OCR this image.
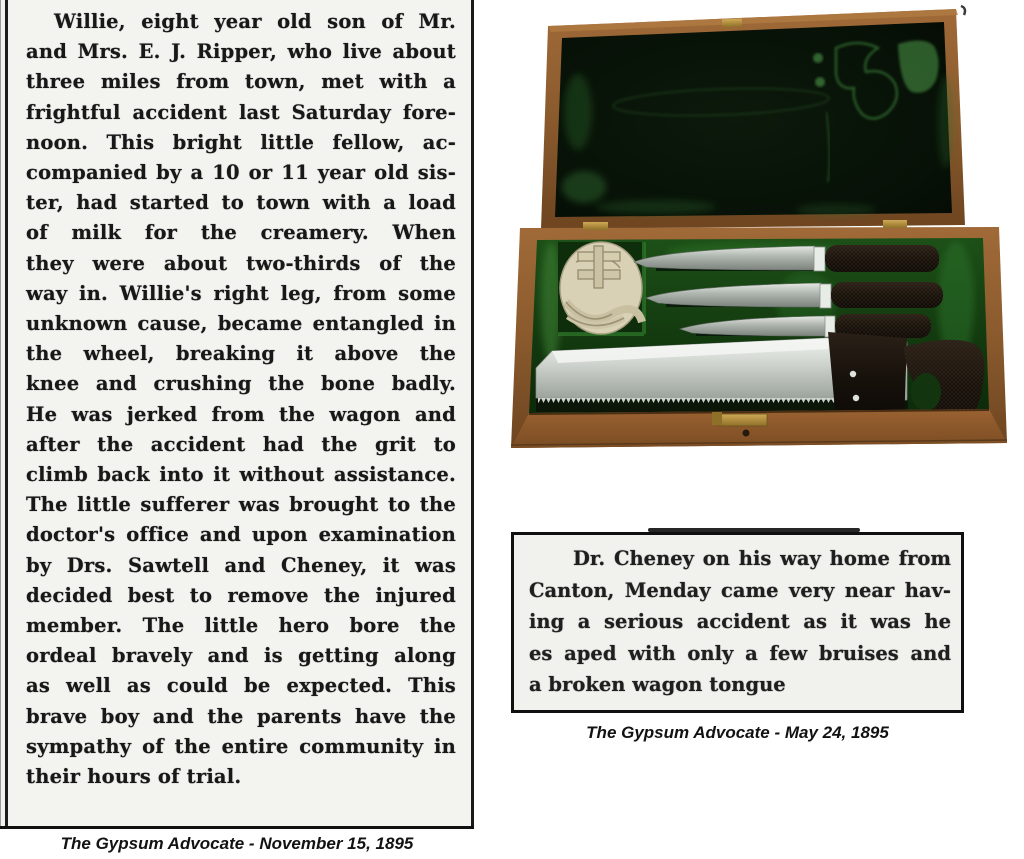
Willie, eight year old son of Mr.
and Mrs. E. J. Ripper, who live about
three miles from town, met with a
frightful accident last Saturday fore-
noon. This bright little fellow, ac-
companied by a 10 or 11 year old sis-
ter, had started to town with a load
of milk for the creamery. When
they were about two-thirds of the
way in. Willie's right leg, from some
unknown cause, became entangled in
the wheel, breaking it above the
knee and crushing the bone badly.
He was jerked from the wagon and
after the accident had the grit to
climb back into it without assistance.
The little sufferer was brought to the
doctor's office and upon examination
by Drs. Sawtell and Cheney, it was
decided best to remove the injured
member. The little hero bore the
ordeal bravely and is getting along
as well as could be expected. This
brave boy and the parents have the
sympathy of the entire community in
their hours of trial.
The Gypsum Advocate - November 15, 1895
Dr. Cheney on his way home from
Canton, Menday came very near hav-
ing a serious accident as it was he
es aped with only a few bruises and
a broken wagon tongue
The Gypsum Advocate - May 24, 1895
